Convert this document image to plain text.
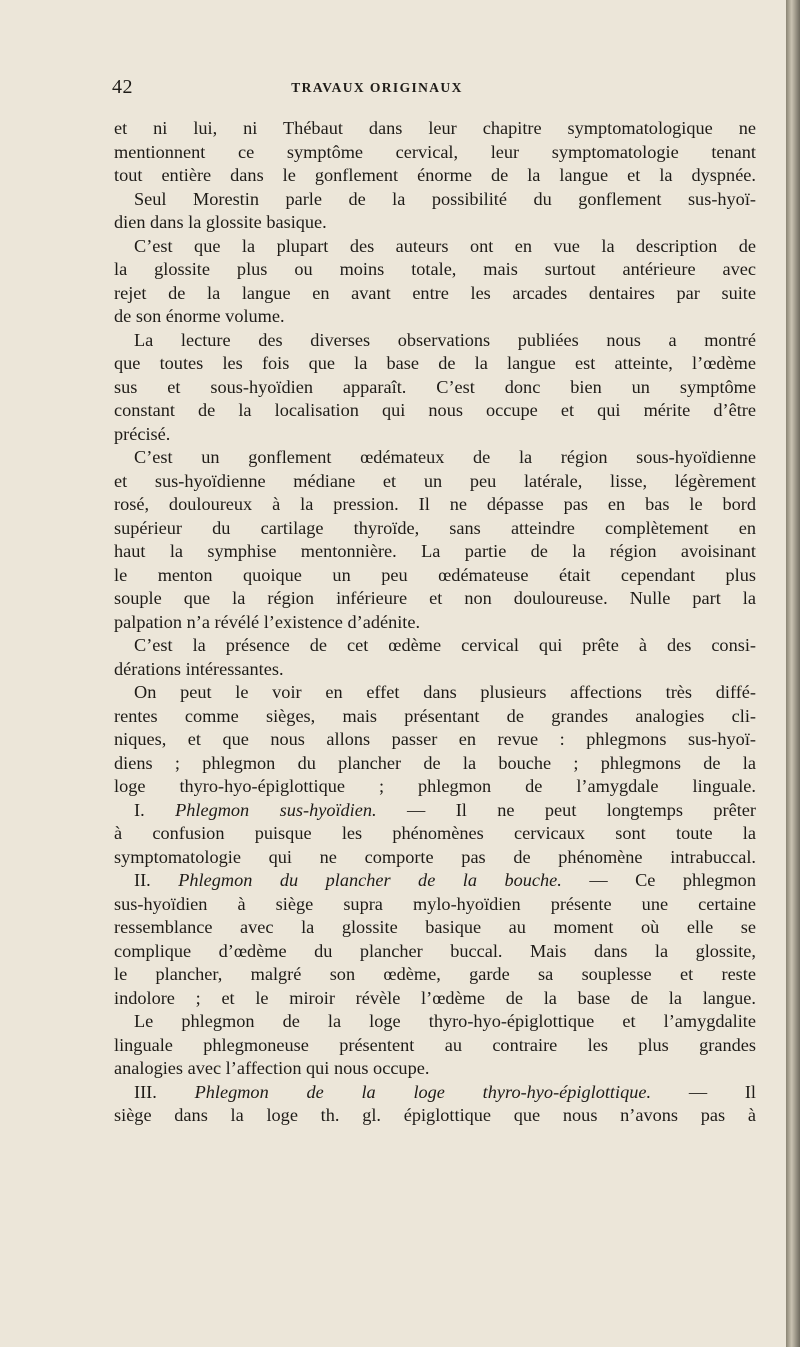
42	TRAVAUX ORIGINAUX
et ni lui, ni Thébaut dans leur chapitre symptomatologique ne
mentionnent ce symptôme cervical, leur symptomatologie tenant
tout entière dans le gonflement énorme de la langue et la dyspnée.
Seul Morestin parle de la possibilité du gonflement sus-hyoï-
dien dans la glossite basique.
C’est que la plupart des auteurs ont en vue la description de
la glossite plus ou moins totale, mais surtout antérieure avec
rejet de la langue en avant entre les arcades dentaires par suite
de son énorme volume.
La lecture des diverses observations publiées nous a montré
que toutes les fois que la base de la langue est atteinte, l’œdème
sus et sous-hyoïdien apparaît. C’est donc bien un symptôme
constant de la localisation qui nous occupe et qui mérite d’être
précisé.
C’est un gonflement œdémateux de la région sous-hyoïdienne
et sus-hyoïdienne médiane et un peu latérale, lisse, légèrement
rosé, douloureux à la pression. Il ne dépasse pas en bas le bord
supérieur du cartilage thyroïde, sans atteindre complètement en
haut la symphise mentonnière. La partie de la région avoisinant
le menton quoique un peu œdémateuse était cependant plus
souple que la région inférieure et non douloureuse. Nulle part la
palpation n’a révélé l’existence d’adénite.
C’est la présence de cet œdème cervical qui prête à des consi-
dérations intéressantes.
On peut le voir en effet dans plusieurs affections très diffé-
rentes comme sièges, mais présentant de grandes analogies cli-
niques, et que nous allons passer en revue : phlegmons sus-hyoï-
diens ; phlegmon du plancher de la bouche ; phlegmons de la
loge thyro-hyo-épiglottique ; phlegmon de l’amygdale linguale.
I. Phlegmon sus-hyoïdien. — Il ne peut longtemps prêter
à confusion puisque les phénomènes cervicaux sont toute la
symptomatologie qui ne comporte pas de phénomène intrabuccal.
II. Phlegmon du plancher de la bouche. — Ce phlegmon
sus-hyoïdien à siège supra mylo-hyoïdien présente une certaine
ressemblance avec la glossite basique au moment où elle se
complique d’œdème du plancher buccal. Mais dans la glossite,
le plancher, malgré son œdème, garde sa souplesse et reste
indolore ; et le miroir révèle l’œdème de la base de la langue.
Le phlegmon de la loge thyro-hyo-épiglottique et l’amygdalite
linguale phlegmoneuse présentent au contraire les plus grandes
analogies avec l’affection qui nous occupe.
III. Phlegmon de la loge thyro-hyo-épiglottique. — Il
siège dans la loge th. gl. épiglottique que nous n’avons pas à
